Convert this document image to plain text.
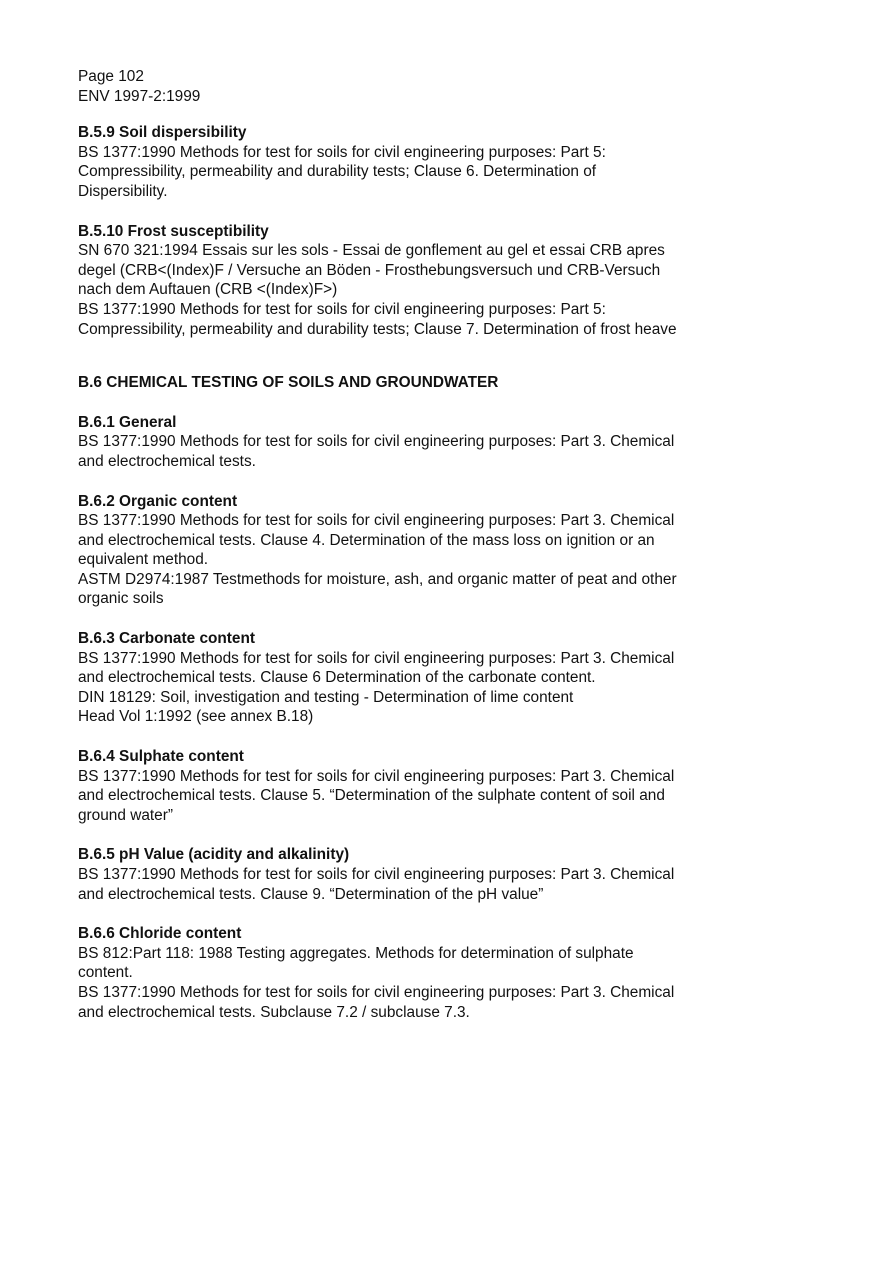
Page 102
ENV 1997-2:1999
B.5.9 Soil dispersibility
BS 1377:1990 Methods for test for soils for civil engineering purposes: Part 5:
Compressibility, permeability and durability tests; Clause 6. Determination of
Dispersibility.
B.5.10 Frost susceptibility
SN 670 321:1994 Essais sur les sols - Essai de gonflement au gel et essai CRB apres
degel (CRB<(Index)F / Versuche an Böden - Frosthebungsversuch und CRB-Versuch
nach dem Auftauen (CRB <(Index)F>)
BS 1377:1990 Methods for test for soils for civil engineering purposes: Part 5:
Compressibility, permeability and durability tests; Clause 7. Determination of frost heave
B.6 CHEMICAL TESTING OF SOILS AND GROUNDWATER
B.6.1 General
BS 1377:1990 Methods for test for soils for civil engineering purposes: Part 3. Chemical
and electrochemical tests.
B.6.2 Organic content
BS 1377:1990 Methods for test for soils for civil engineering purposes: Part 3. Chemical
and electrochemical tests. Clause 4. Determination of the mass loss on ignition or an
equivalent method.
ASTM D2974:1987 Testmethods for moisture, ash, and organic matter of peat and other
organic soils
B.6.3 Carbonate content
BS 1377:1990 Methods for test for soils for civil engineering purposes: Part 3. Chemical
and electrochemical tests. Clause 6 Determination of the carbonate content.
DIN 18129: Soil, investigation and testing - Determination of lime content
Head Vol 1:1992 (see annex B.18)
B.6.4 Sulphate content
BS 1377:1990 Methods for test for soils for civil engineering purposes: Part 3. Chemical
and electrochemical tests. Clause 5. “Determination of the sulphate content of soil and
ground water”
B.6.5 pH Value (acidity and alkalinity)
BS 1377:1990 Methods for test for soils for civil engineering purposes: Part 3. Chemical
and electrochemical tests. Clause 9. “Determination of the pH value”
B.6.6 Chloride content
BS 812:Part 118: 1988 Testing aggregates. Methods for determination of sulphate
content.
BS 1377:1990 Methods for test for soils for civil engineering purposes: Part 3. Chemical
and electrochemical tests. Subclause 7.2 / subclause 7.3.
